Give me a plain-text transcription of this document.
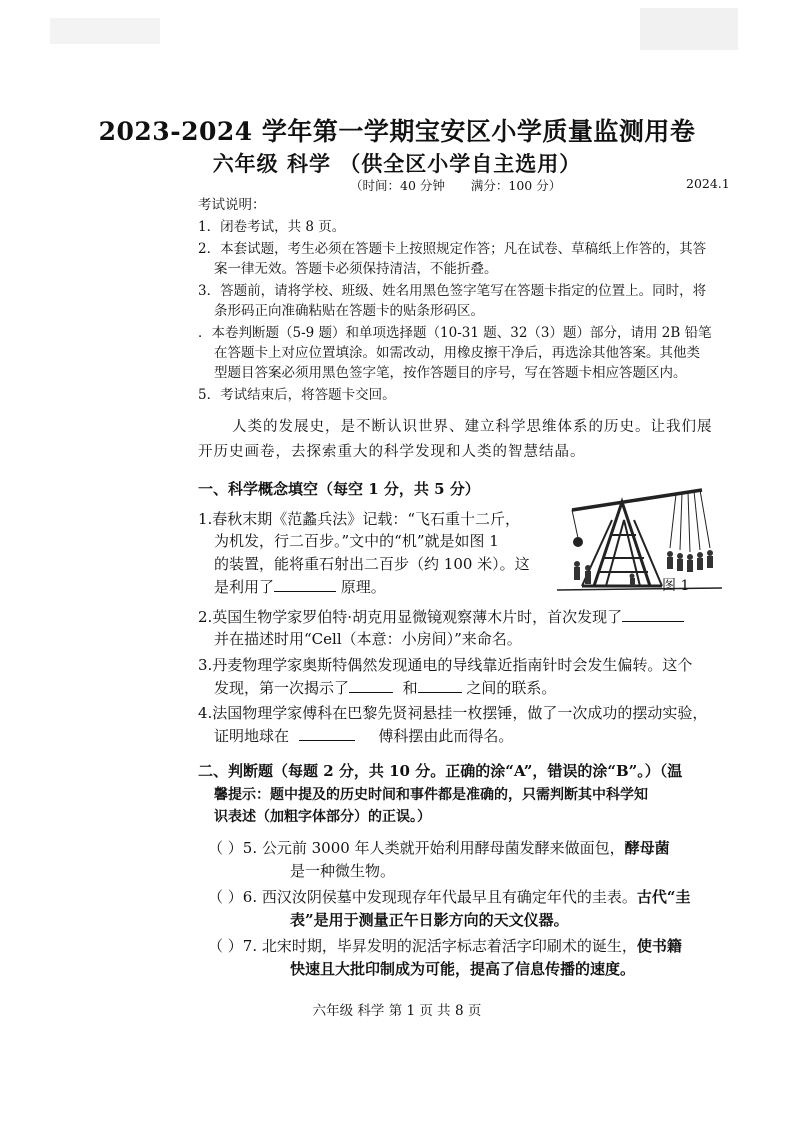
2023-2024 学年第一学期宝安区小学质量监测用卷
六年级 科学 （供全区小学自主选用）
（时间：40 分钟 满分：100 分）	2024.1
考试说明：
1．闭卷考试，共 8 页。
2．本套试题，考生必须在答题卡上按照规定作答；凡在试卷、草稿纸上作答的，其答
案一律无效。答题卡必须保持清洁，不能折叠。
3．答题前，请将学校、班级、姓名用黑色签字笔写在答题卡指定的位置上。同时，将
条形码正向准确粘贴在答题卡的贴条形码区。
．本卷判断题（5-9 题）和单项选择题（10-31 题、32（3）题）部分，请用 2B 铅笔
在答题卡上对应位置填涂。如需改动，用橡皮擦干净后，再选涂其他答案。其他类
型题目答案必须用黑色签字笔，按作答题目的序号，写在答题卡相应答题区内。
5．考试结束后，将答题卡交回。
人类的发展史，是不断认识世界、建立科学思维体系的历史。让我们展
开历史画卷，去探索重大的科学发现和人类的智慧结晶。
一、科学概念填空（每空 1 分，共 5 分）
1.春秋末期《范蠡兵法》记载：“飞石重十二斤，
为机发，行二百步。”文中的“机”就是如图 1
的装置，能将重石射出二百步（约 100 米）。这
是利用了	原理。	图 1
2.英国生物学家罗伯特·胡克用显微镜观察薄木片时，首次发现了
并在描述时用“Cell（本意：小房间）”来命名。
3.丹麦物理学家奥斯特偶然发现通电的导线靠近指南针时会发生偏转。这个
发现，第一次揭示了	和	之间的联系。
4.法国物理学家傅科在巴黎先贤祠悬挂一枚摆锤，做了一次成功的摆动实验，
证明地球在	傅科摆由此而得名。
二、判断题（每题 2 分，共 10 分。正确的涂“A”，错误的涂“B”。）（温
馨提示：题中提及的历史时间和事件都是准确的，只需判断其中科学知
识表述（加粗字体部分）的正误。）
（ ）5. 公元前 3000 年人类就开始利用酵母菌发酵来做面包，酵母菌
是一种微生物。
（ ）6. 西汉汝阴侯墓中发现现存年代最早且有确定年代的圭表。古代“圭
表”是用于测量正午日影方向的天文仪器。
（ ）7. 北宋时期，毕昇发明的泥活字标志着活字印刷术的诞生，使书籍
快速且大批印制成为可能，提高了信息传播的速度。
六年级 科学 第 1 页 共 8 页
